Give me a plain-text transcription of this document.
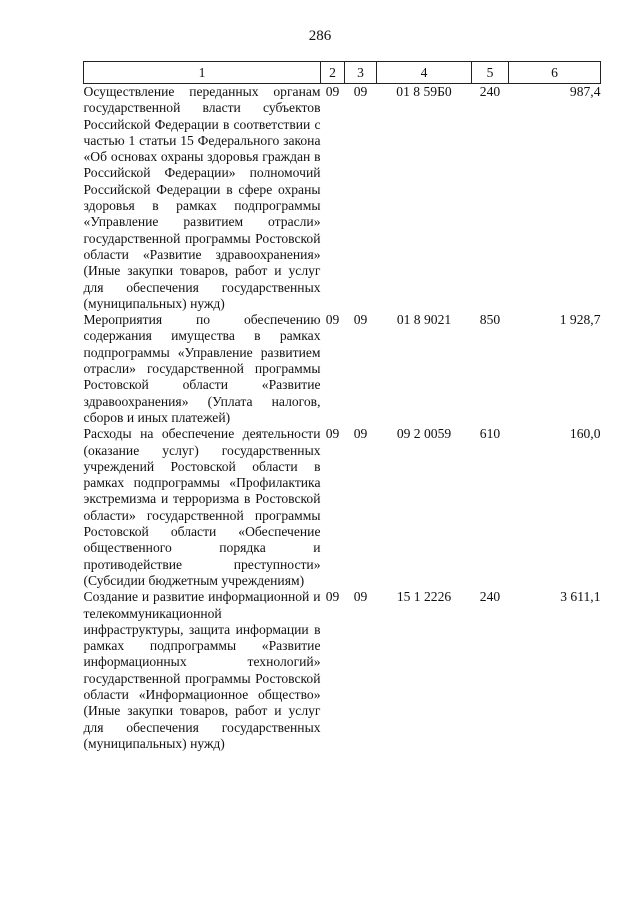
286
1	2	3	4	5	6
Осуществление переданных органам государственной власти субъектов Российской Федерации в соответствии с частью 1 статьи 15 Федерального закона «Об основах охраны здоровья граждан в Российской Федерации» полномочий Российской Федерации в сфере охраны здоровья в рамках подпрограммы «Управление развитием отрасли» государственной программы Ростовской области «Развитие здравоохранения» (Иные закупки товаров, работ и услуг для обеспечения государственных (муниципальных) нужд)	09	09	01 8 59Б0	240	987,4
Мероприятия по обеспечению содержания имущества в рамках подпрограммы «Управление развитием отрасли» государственной программы Ростовской области «Развитие здравоохранения» (Уплата налогов, сборов и иных платежей)	09	09	01 8 9021	850	1 928,7
Расходы на обеспечение деятельности (оказание услуг) государственных учреждений Ростовской области в рамках подпрограммы «Профилактика экстремизма и терроризма в Ростовской области» государственной программы Ростовской области «Обеспечение общественного порядка и противодействие преступности» (Субсидии бюджетным учреждениям)	09	09	09 2 0059	610	160,0
Создание и развитие информационной и телекоммуникационной инфраструктуры, защита информации в рамках подпрограммы «Развитие информационных технологий» государственной программы Ростовской области «Информационное общество» (Иные закупки товаров, работ и услуг для обеспечения государственных (муниципальных) нужд)	09	09	15 1 2226	240	3 611,1
